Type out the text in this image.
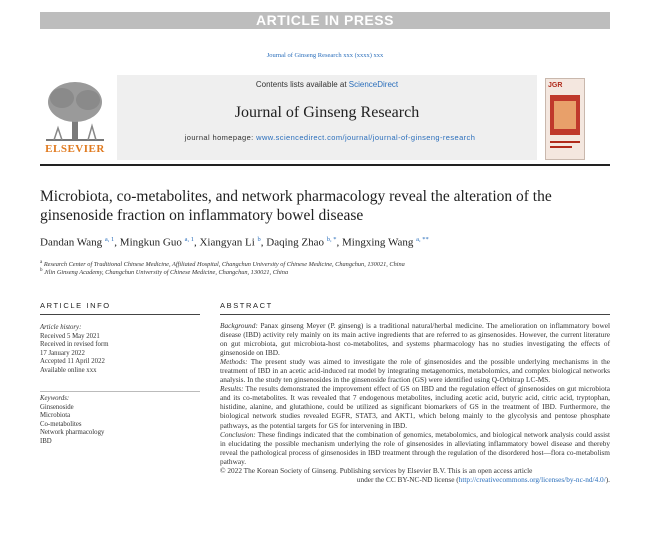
ARTICLE IN PRESS
Journal of Ginseng Research xxx (xxxx) xxx
Contents lists available at ScienceDirect
Journal of Ginseng Research
journal homepage: www.sciencedirect.com/journal/journal-of-ginseng-research
ELSEVIER
JGR
Microbiota, co-metabolites, and network pharmacology reveal the alteration of the ginsenoside fraction on inflammatory bowel disease
Dandan Wang $^{a, 1}$, Mingkun Guo $^{a, 1}$, Xiangyan Li $^b$, Daqing Zhao $^{b, *}$, Mingxing Wang $^{a, **}$
$^a$ Research Center of Traditional Chinese Medicine, Affiliated Hospital, Changchun University of Chinese Medicine, Changchun, 130021, China
$^b$ Jilin Ginseng Academy, Changchun University of Chinese Medicine, Changchun, 130021, China
ARTICLE INFO	ABSTRACT
Article history:
Received 5 May 2021
Received in revised form
17 January 2022
Accepted 11 April 2022
Available online xxx
Keywords:
Ginsenoside
Microbiota
Co-metabolites
Network pharmacology
IBD

Background: Panax ginseng Meyer (P. ginseng) is a traditional natural/herbal medicine. The amelioration on inflammatory bowel disease (IBD) activity rely mainly on its main active ingredients that are referred to as ginsenosides. However, the current literature on gut microbiota, gut microbiota-host co-metabolites, and systems pharmacology has no studies investigating the effects of ginsenoside on IBD.

Methods: The present study was aimed to investigate the role of ginsenosides and the possible underlying mechanisms in the treatment of IBD in an acetic acid-induced rat model by integrating metagenomics, metabolomics, and complex biological networks analysis. In the study ten ginsenosides in the ginsenoside fraction (GS) were identified using Q-Orbitrap LC-MS.

Results: The results demonstrated the improvement effect of GS on IBD and the regulation effect of ginsenosides on gut microbiota and its co-metabolites. It was revealed that 7 endogenous metabolites, including acetic acid, butyric acid, citric acid, tryptophan, histidine, alanine, and glutathione, could be utilized as significant biomarkers of GS in the treatment of IBD. Furthermore, the biological network studies revealed EGFR, STAT3, and AKT1, which belong mainly to the glycolysis and pentose phosphate pathways, as the potential targets for GS for intervening in IBD.

Conclusion: These findings indicated that the combination of genomics, metabolomics, and biological network analysis could assist in elucidating the possible mechanism underlying the role of ginsenosides in alleviating inflammatory bowel disease and thereby reveal the pathological process of ginsenosides in IBD treatment through the regulation of the disordered host—flora co-metabolism pathway.

© 2022 The Korean Society of Ginseng. Publishing services by Elsevier B.V. This is an open access article

under the CC BY-NC-ND license (http://creativecommons.org/licenses/by-nc-nd/4.0/).
